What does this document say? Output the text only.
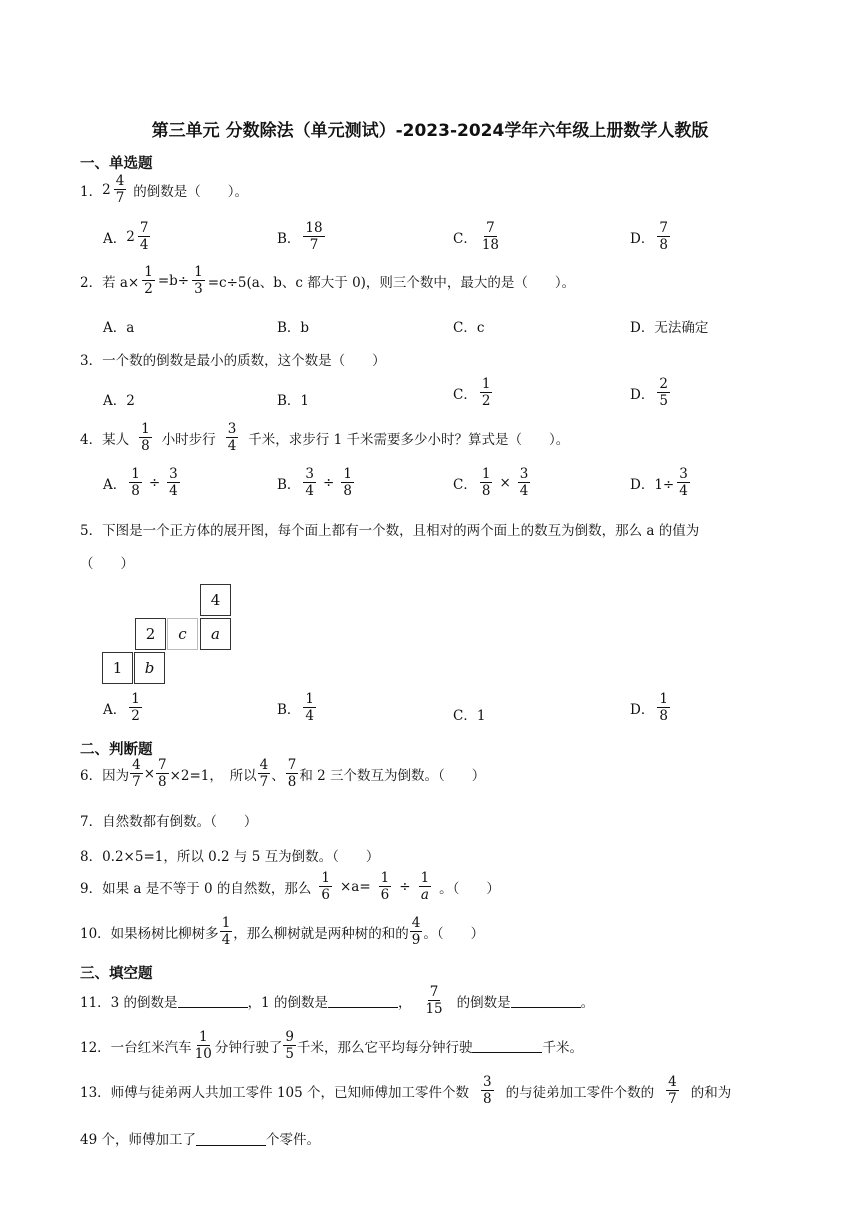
第三单元 分数除法（单元测试）-2023-2024学年六年级上册数学人教版
一、单选题
1． $2 \frac{4}{7}$ 的倒数是（　　）。
A． $2 \frac{7}{4}$	B． $\frac{18}{7}$	C． $\frac{7}{18}$	D． $\frac{7}{8}$
2． 若 $a\times \frac{1}{2} =b\div \frac{1}{3} =c\div 5(a$、b、c 都大于 0)，则三个数中，最大的是（　　）。
A．a	B．b	C．c	D．无法确定
3．一个数的倒数是最小的质数，这个数是（　　）
A．2	B．1	C． $\frac{1}{2}$	D． $\frac{2}{5}$
4．某人 $\frac{1}{8}$ 小时步行 $\frac{3}{4}$ 千米，求步行 1 千米需要多少小时？算式是（　　）。
A． $\frac{1}{8} \div \frac{3}{4}$	B． $\frac{3}{4} \div \frac{1}{8}$	C． $\frac{1}{8} \times \frac{3}{4}$	D．$1\div \frac{3}{4}$
5．下图是一个正方体的展开图，每个面上都有一个数，且相对的两个面上的数互为倒数，那么 a 的值为
（　　）
4
2	c	a
1	b
A． $\frac{1}{2}$	B． $\frac{1}{4}$	C．1	D． $\frac{1}{8}$
二、判断题
6．因为 $\frac{4}{7} \times \frac{7}{8} \times 2=1$，　所以 $\frac{4}{7}$ 、 $\frac{7}{8}$ 和 2 三个数互为倒数。（　　）
7．自然数都有倒数。（　　）
8．0.2×5=1，所以 0.2 与 5 互为倒数。（　　）
9．如果 a 是不等于 0 的自然数，那么 $\frac{1}{6} \times a= \frac{1}{6} \div \frac{1}{a}$ 。（　　）
10．如果杨树比柳树多 $\frac{1}{4}$ ，那么柳树就是两种树的和的 $\frac{4}{9}$ 。（　　）
三、填空题
11．3 的倒数是	，1 的倒数是	， $\frac{7}{15}$ 的倒数是	。
12．一台红米汽车 $\frac{1}{10}$ 分钟行驶了 $\frac{9}{5}$ 千米，那么它平均每分钟行驶	千米。
13．师傅与徒弟两人共加工零件 105 个，已知师傅加工零件个数 $\frac{3}{8}$ 的与徒弟加工零件个数的 $\frac{4}{7}$ 的和为
49 个，师傅加工了	个零件。
